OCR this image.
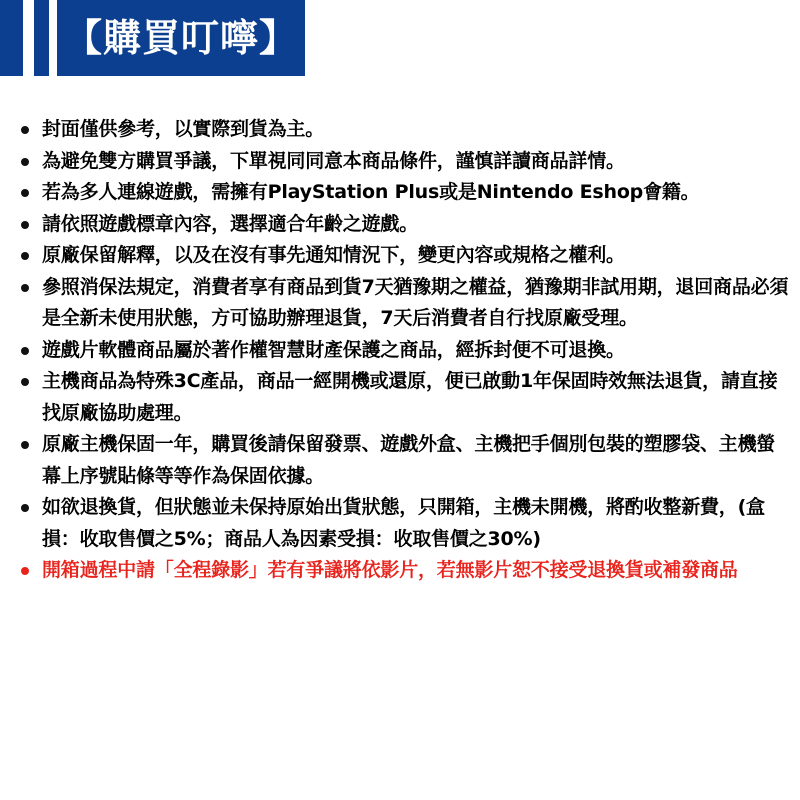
【購買叮嚀】
封面僅供參考，以實際到貨為主。
為避免雙方購買爭議，下單視同同意本商品條件，謹慎詳讀商品詳情。
若為多人連線遊戲，需擁有PlayStation Plus或是Nintendo Eshop會籍。
請依照遊戲標章內容，選擇適合年齡之遊戲。
原廠保留解釋，以及在沒有事先通知情況下，變更內容或規格之權利。
參照消保法規定，消費者享有商品到貨7天猶豫期之權益，猶豫期非試用期，退回商品必須是全新未使用狀態，方可協助辦理退貨，7天后消費者自行找原廠受理。
遊戲片軟體商品屬於著作權智慧財產保護之商品，經拆封便不可退換。
主機商品為特殊3C產品，商品一經開機或還原，便已啟動1年保固時效無法退貨，請直接找原廠協助處理。
原廠主機保固一年，購買後請保留發票、遊戲外盒、主機把手個別包裝的塑膠袋、主機螢 幕上序號貼條等等作為保固依據。
如欲退換貨，但狀態並未保持原始出貨狀態，只開箱，主機未開機，將酌收整新費，(盒損：收取售價之5%；商品人為因素受損：收取售價之30%)
開箱過程中請「全程錄影」若有爭議將依影片，若無影片恕不接受退換貨或補發商品
